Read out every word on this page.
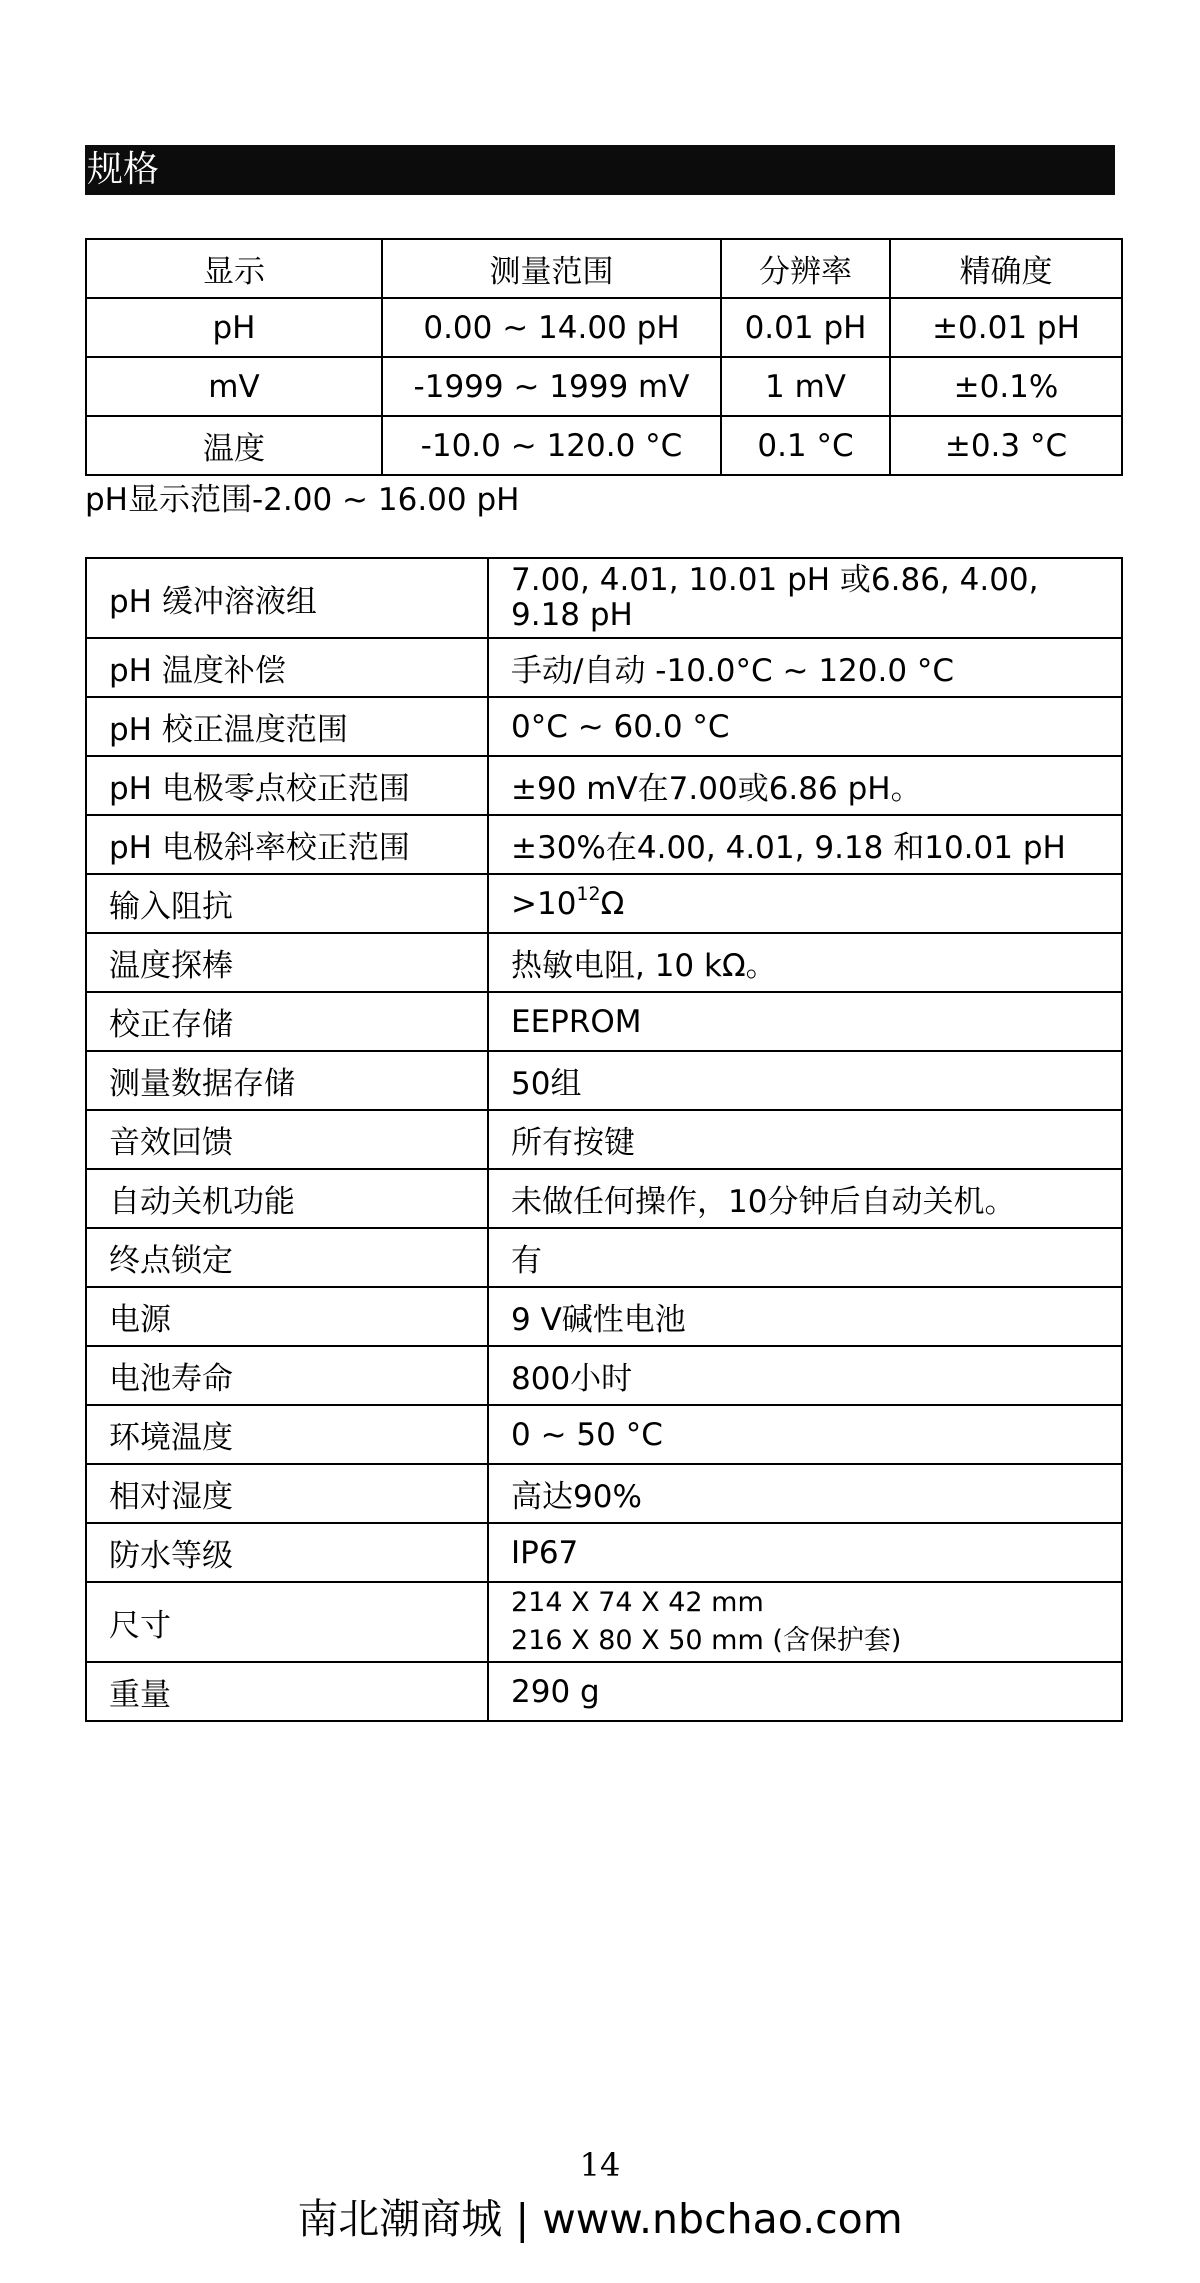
规格
显示	测量范围	分辨率	精确度
pH	0.00 ~ 14.00 pH	0.01 pH	±0.01 pH
mV	-1999 ~ 1999 mV	1 mV	±0.1%
温度	-10.0 ~ 120.0 °C	0.1 °C	±0.3 °C
pH显示范围-2.00 ~ 16.00 pH
pH 缓冲溶液组	7.00, 4.01, 10.01 pH 或6.86, 4.00,
9.18 pH
pH 温度补偿	手动/自动 -10.0°C ~ 120.0 °C
pH 校正温度范围	0°C ~ 60.0 °C
pH 电极零点校正范围	±90 mV在7.00或6.86 pH。
pH 电极斜率校正范围	±30%在4.00, 4.01, 9.18 和10.01 pH
输入阻抗	$>10^{12}\Omega$
温度探棒	热敏电阻, 10 kΩ。
校正存储	EEPROM
测量数据存储	50组
音效回馈	所有按键
自动关机功能	未做任何操作，10分钟后自动关机。
终点锁定	有
电源	9 V碱性电池
电池寿命	800小时
环境温度	0 ~ 50 °C
相对湿度	高达90%
防水等级	IP67
尺寸	214 X 74 X 42 mm
216 X 80 X 50 mm (含保护套)
重量	290 g
14
南北潮商城 | www.nbchao.com
